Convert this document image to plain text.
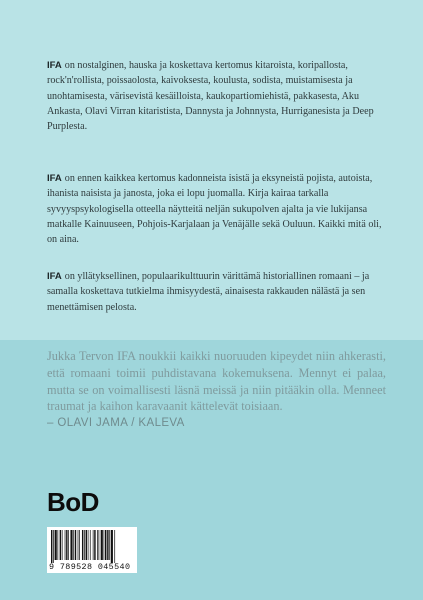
IFA on nostalginen, hauska ja koskettava kertomus kitaroista, koripallosta, rock'n'rollista, poissaolosta, kaivoksesta, koulusta, sodista, muistamisesta ja unohtamisesta, värisevistä kesäilloista, kaukopartiomiehistä, pakkasesta, Aku Ankasta, Olavi Virran kitaristista, Dannysta ja Johnnysta, Hurriganesista ja Deep Purplesta.

IFA on ennen kaikkea kertomus kadonneista isistä ja eksyneistä pojista, autoista, ihanista naisista ja janosta, joka ei lopu juomalla. Kirja kairaa tarkalla syvyyspsykologisella otteella näytteitä neljän sukupolven ajalta ja vie lukijansa matkalle Kainuuseen, Pohjois-Karjalaan ja Venäjälle sekä Ouluun. Kaikki mitä oli, on aina.

IFA on yllätyksellinen, populaarikulttuurin värittämä historiallinen romaani – ja samalla koskettava tutkielma ihmisyydestä, ainaisesta rakkauden nälästä ja sen menettämisen pelosta.

Jukka Tervon IFA noukkii kaikki nuoruuden kipeydet niin ahkerasti, että romaani toimii puhdistavana kokemuksena. Mennyt ei palaa, mutta se on voimallisesti läsnä meissä ja niin pitääkin olla. Menneet traumat ja kaihon karavaanit kättelevät toisiaan.

– OLAVI JAMA / KALEVA
BoD
9 789528 045540
